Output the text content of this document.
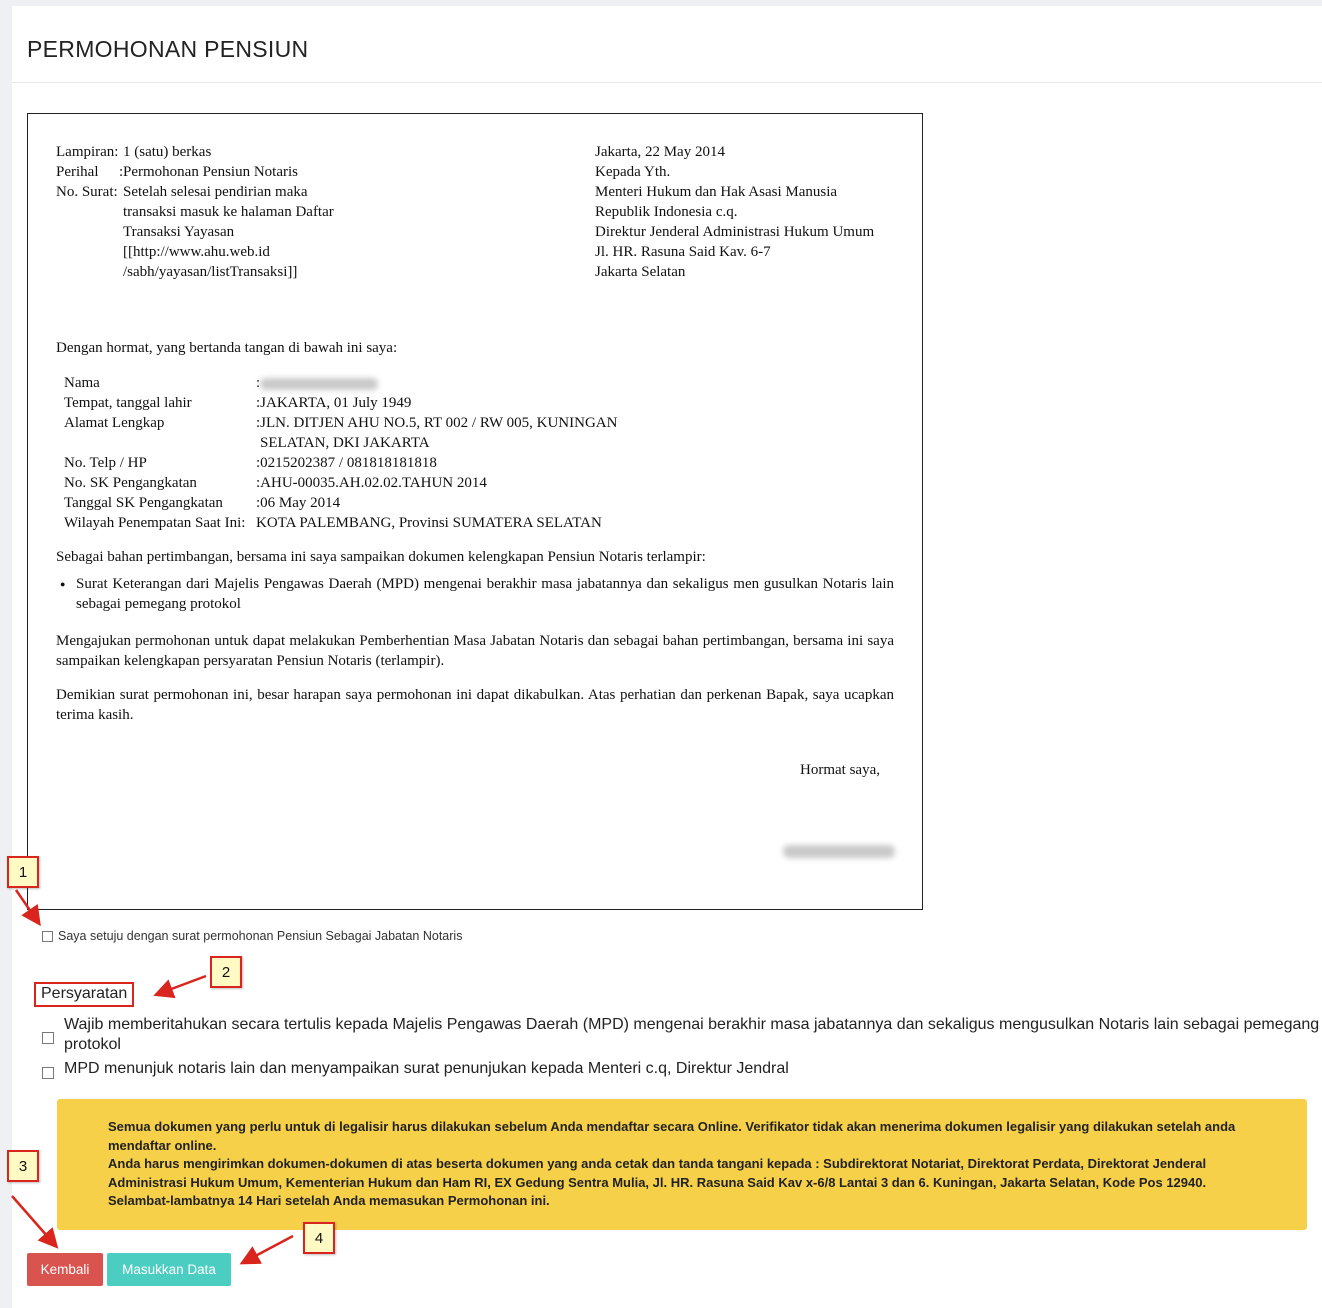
PERMOHONAN PENSIUN
Lampiran: 1 (satu) berkas
Perihal : Permohonan Pensiun Notaris
No. Surat: Setelah selesai pendirian maka
transaksi masuk ke halaman Daftar
Transaksi Yayasan
[[http://www.ahu.web.id
/sabh/yayasan/listTransaksi]]
Jakarta, 22 May 2014
Kepada Yth.
Menteri Hukum dan Hak Asasi Manusia
Republik Indonesia c.q.
Direktur Jenderal Administrasi Hukum Umum
Jl. HR. Rasuna Said Kav. 6-7
Jakarta Selatan
Dengan hormat, yang bertanda tangan di bawah ini saya:
Nama	:
Tempat, tanggal lahir	:JAKARTA, 01 July 1949
Alamat Lengkap	:JLN. DITJEN AHU NO.5, RT 002 / RW 005, KUNINGAN
SELATAN, DKI JAKARTA
No. Telp / HP	:0215202387 / 081818181818
No. SK Pengangkatan	:AHU-00035.AH.02.02.TAHUN 2014
Tanggal SK Pengangkatan :06 May 2014
Wilayah Penempatan Saat Ini: KOTA PALEMBANG, Provinsi SUMATERA SELATAN
Sebagai bahan pertimbangan, bersama ini saya sampaikan dokumen kelengkapan Pensiun Notaris terlampir:
● Surat Keterangan dari Majelis Pengawas Daerah (MPD) mengenai berakhir masa jabatannya dan sekaligus men gusulkan Notaris lain sebagai pemegang protokol
Mengajukan permohonan untuk dapat melakukan Pemberhentian Masa Jabatan Notaris dan sebagai bahan pertimbangan, bersama ini saya sampaikan kelengkapan persyaratan Pensiun Notaris (terlampir).
Demikian surat permohonan ini, besar harapan saya permohonan ini dapat dikabulkan. Atas perhatian dan perkenan Bapak, saya ucapkan terima kasih.
Hormat saya,
Saya setuju dengan surat permohonan Pensiun Sebagai Jabatan Notaris
Persyaratan
Wajib memberitahukan secara tertulis kepada Majelis Pengawas Daerah (MPD) mengenai berakhir masa jabatannya dan sekaligus mengusulkan Notaris lain sebagai pemegang protokol
MPD menunjuk notaris lain dan menyampaikan surat penunjukan kepada Menteri c.q, Direktur Jendral
Semua dokumen yang perlu untuk di legalisir harus dilakukan sebelum Anda mendaftar secara Online. Verifikator tidak akan menerima dokumen legalisir yang dilakukan setelah anda mendaftar online.
Anda harus mengirimkan dokumen-dokumen di atas beserta dokumen yang anda cetak dan tanda tangani kepada : Subdirektorat Notariat, Direktorat Perdata, Direktorat Jenderal Administrasi Hukum Umum, Kementerian Hukum dan Ham RI, EX Gedung Sentra Mulia, Jl. HR. Rasuna Said Kav x-6/8 Lantai 3 dan 6. Kuningan, Jakarta Selatan, Kode Pos 12940.
Selambat-lambatnya 14 Hari setelah Anda memasukan Permohonan ini.
Kembali	Masukkan Data
1
2
3
4
